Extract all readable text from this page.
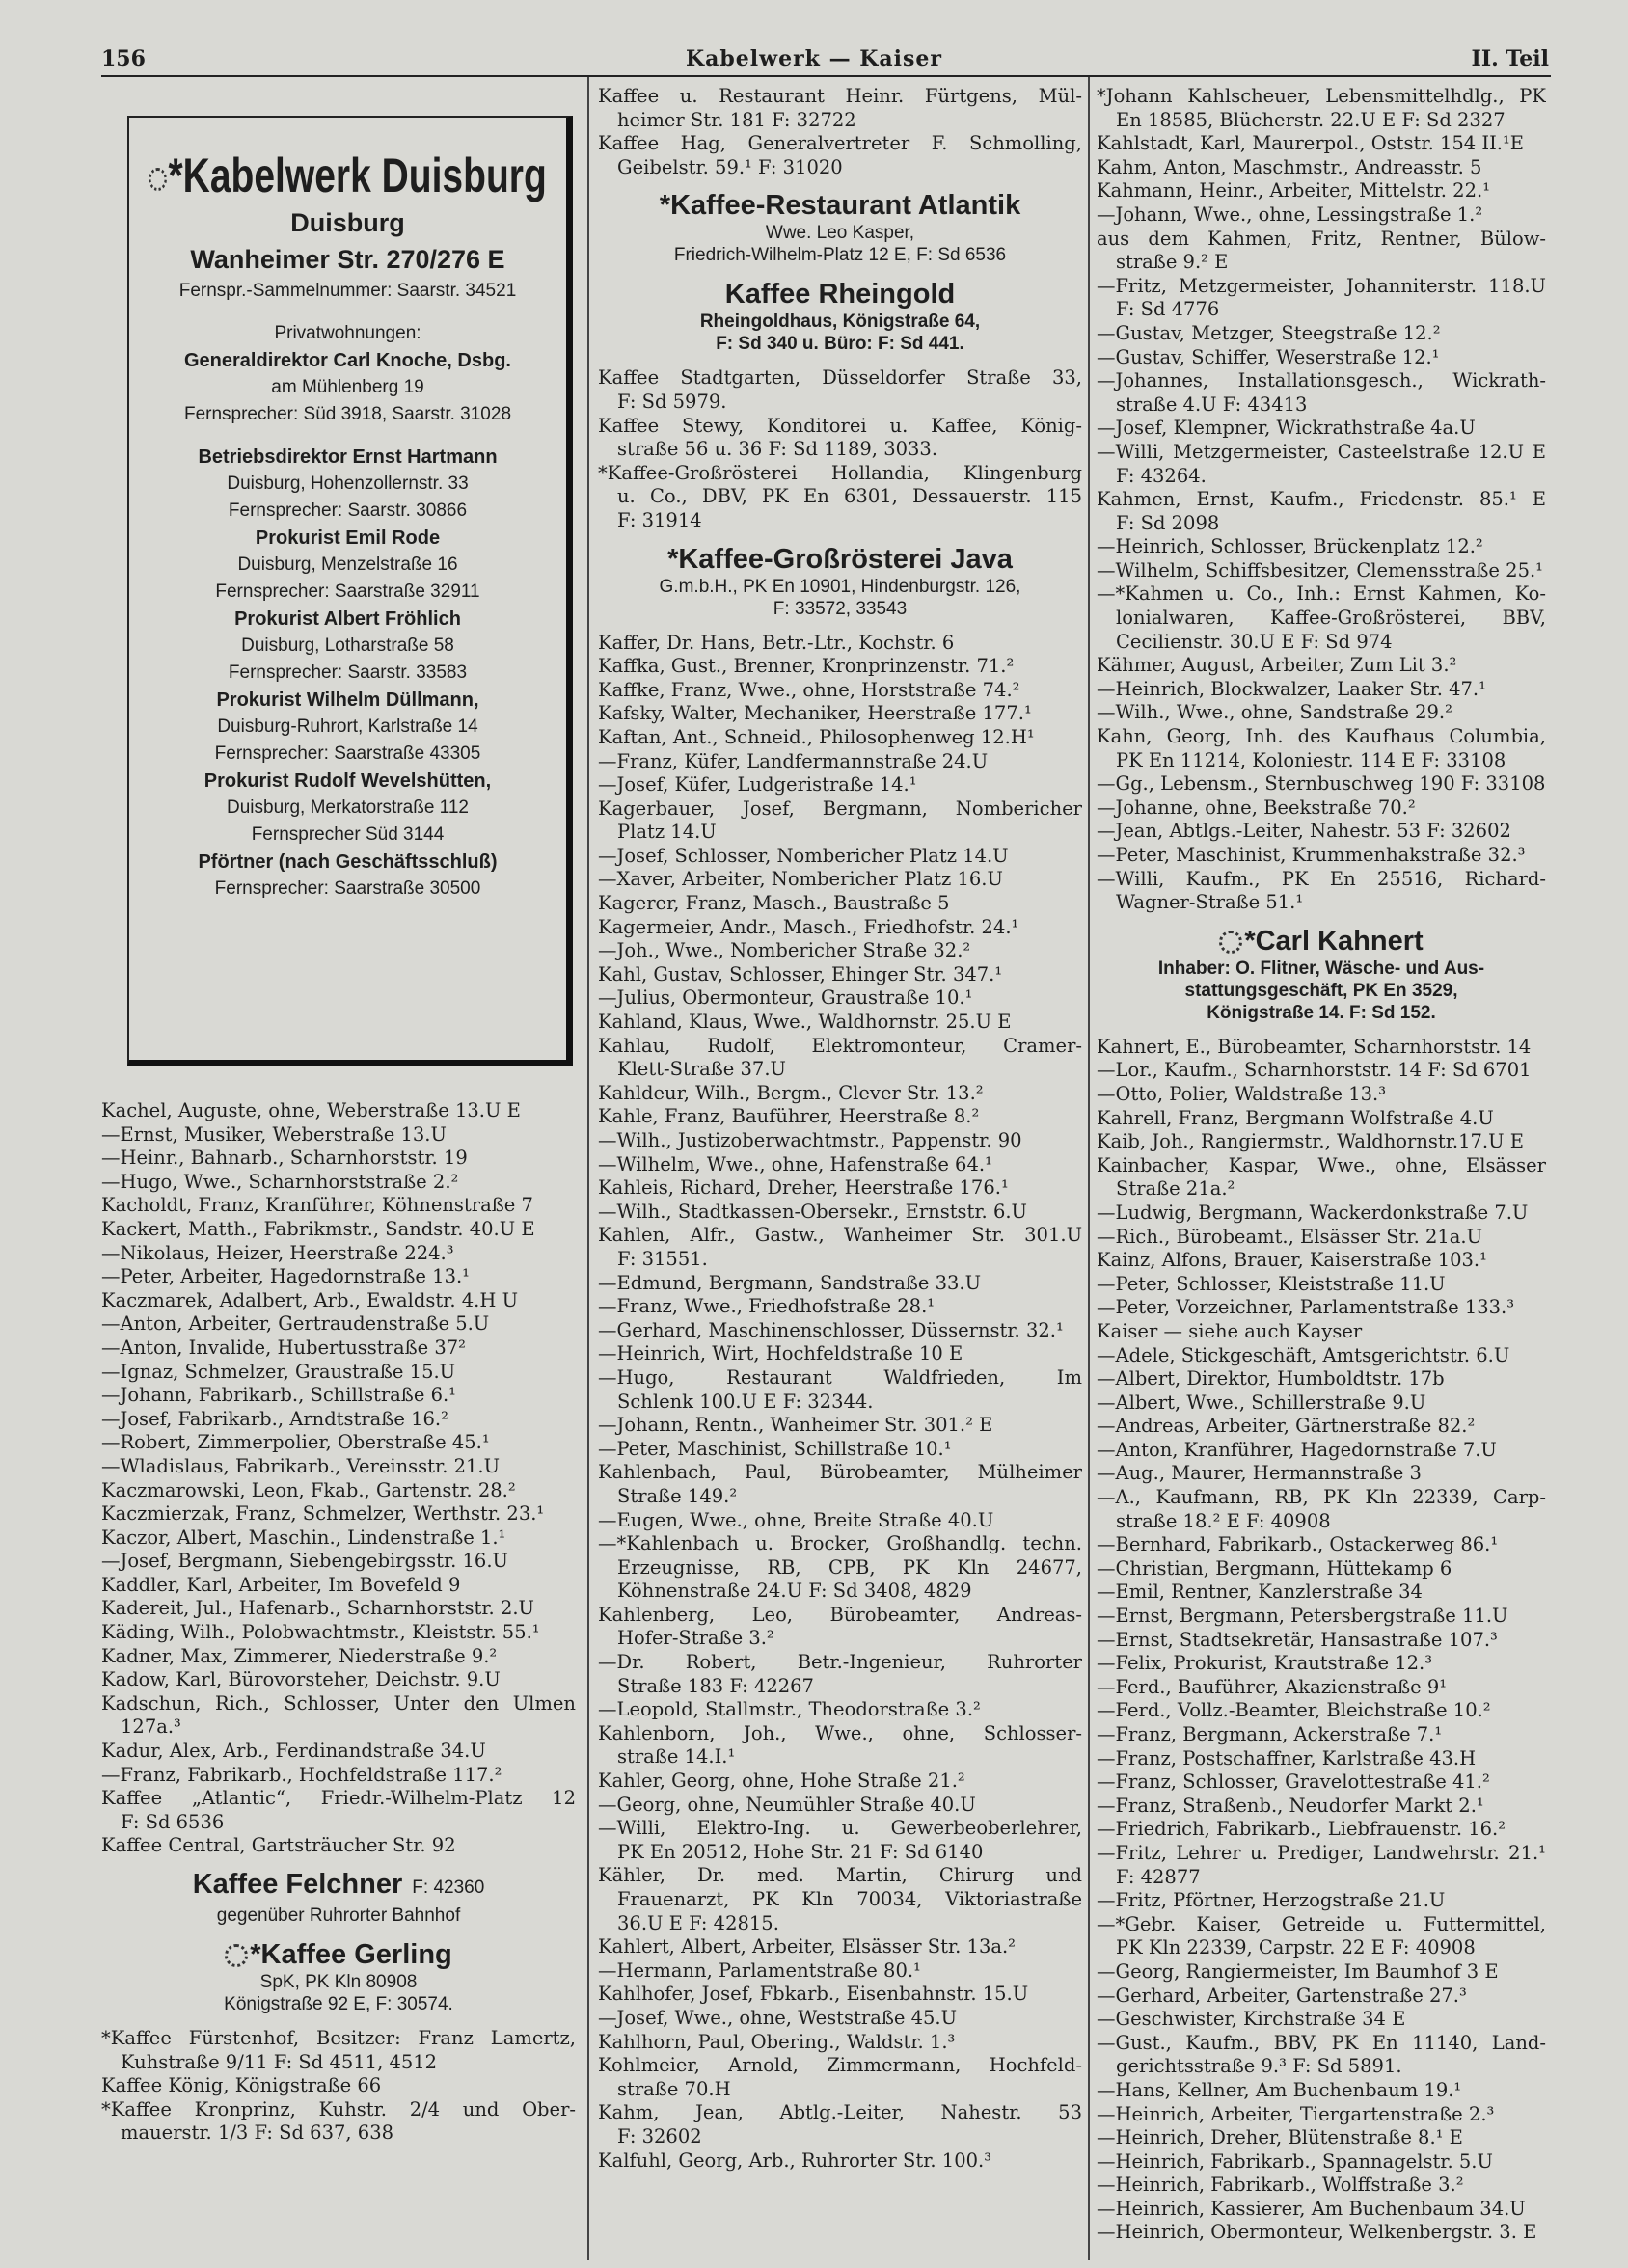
156	Kabelwerk — Kaiser	II. Teil
*Kabelwerk Duisburg
Duisburg
Wanheimer Str. 270/276 E
Fernspr.-Sammelnummer: Saarstr. 34521
Privatwohnungen:
Generaldirektor Carl Knoche, Dsbg.
am Mühlenberg 19
Fernsprecher: Süd 3918, Saarstr. 31028
Betriebsdirektor Ernst Hartmann
Duisburg, Hohenzollernstr. 33
Fernsprecher: Saarstr. 30866
Prokurist Emil Rode
Duisburg, Menzelstraße 16
Fernsprecher: Saarstraße 32911
Prokurist Albert Fröhlich
Duisburg, Lotharstraße 58
Fernsprecher: Saarstr. 33583
Prokurist Wilhelm Düllmann,
Duisburg-Ruhrort, Karlstraße 14
Fernsprecher: Saarstraße 43305
Prokurist Rudolf Wevelshütten,
Duisburg, Merkatorstraße 112
Fernsprecher Süd 3144
Pförtner (nach Geschäftsschluß)
Fernsprecher: Saarstraße 30500
Kachel, Auguste, ohne, Weberstraße 13.U E
—Ernst, Musiker, Weberstraße 13.U
—Heinr., Bahnarb., Scharnhorststr. 19
—Hugo, Wwe., Scharnhorststraße 2.²
Kacholdt, Franz, Kranführer, Köhnenstraße 7
Kackert, Matth., Fabrikmstr., Sandstr. 40.U E
—Nikolaus, Heizer, Heerstraße 224.³
—Peter, Arbeiter, Hagedornstraße 13.¹
Kaczmarek, Adalbert, Arb., Ewaldstr. 4.H U
—Anton, Arbeiter, Gertraudenstraße 5.U
—Anton, Invalide, Hubertusstraße 37²
—Ignaz, Schmelzer, Graustraße 15.U
—Johann, Fabrikarb., Schillstraße 6.¹
—Josef, Fabrikarb., Arndtstraße 16.²
—Robert, Zimmerpolier, Oberstraße 45.¹
—Wladislaus, Fabrikarb., Vereinsstr. 21.U
Kaczmarowski, Leon, Fkab., Gartenstr. 28.²
Kaczmierzak, Franz, Schmelzer, Werthstr. 23.¹
Kaczor, Albert, Maschin., Lindenstraße 1.¹
—Josef, Bergmann, Siebengebirgsstr. 16.U
Kaddler, Karl, Arbeiter, Im Bovefeld 9
Kadereit, Jul., Hafenarb., Scharnhorststr. 2.U
Käding, Wilh., Polobwachtmstr., Kleiststr. 55.¹
Kadner, Max, Zimmerer, Niederstraße 9.²
Kadow, Karl, Bürovorsteher, Deichstr. 9.U
Kadschun, Rich., Schlosser, Unter den Ulmen
127a.³
Kadur, Alex, Arb., Ferdinandstraße 34.U
—Franz, Fabrikarb., Hochfeldstraße 117.²
Kaffee „Atlantic“, Friedr.-Wilhelm-Platz 12
F: Sd 6536
Kaffee Central, Gartsträucher Str. 92
Kaffee Felchner F: 42360
gegenüber Ruhrorter Bahnhof
*Kaffee Gerling
SpK, PK Kln 80908
Königstraße 92 E, F: 30574.
*Kaffee Fürstenhof, Besitzer: Franz Lamertz,
Kuhstraße 9/11 F: Sd 4511, 4512
Kaffee König, Königstraße 66
*Kaffee Kronprinz, Kuhstr. 2/4 und Ober-
mauerstr. 1/3 F: Sd 637, 638
Kaffee u. Restaurant Heinr. Fürtgens, Mül-
heimer Str. 181 F: 32722
Kaffee Hag, Generalvertreter F. Schmolling,
Geibelstr. 59.¹ F: 31020
*Kaffee-Restaurant Atlantik
Wwe. Leo Kasper,
Friedrich-Wilhelm-Platz 12 E, F: Sd 6536
Kaffee Rheingold
Rheingoldhaus, Königstraße 64,
F: Sd 340 u. Büro: F: Sd 441.
Kaffee Stadtgarten, Düsseldorfer Straße 33,
F: Sd 5979.
Kaffee Stewy, Konditorei u. Kaffee, König-
straße 56 u. 36 F: Sd 1189, 3033.
*Kaffee-Großrösterei Hollandia, Klingenburg
u. Co., DBV, PK En 6301, Dessauerstr. 115
F: 31914
*Kaffee-Großrösterei Java
G.m.b.H., PK En 10901, Hindenburgstr. 126,
F: 33572, 33543
Kaffer, Dr. Hans, Betr.-Ltr., Kochstr. 6
Kaffka, Gust., Brenner, Kronprinzenstr. 71.²
Kaffke, Franz, Wwe., ohne, Horststraße 74.²
Kafsky, Walter, Mechaniker, Heerstraße 177.¹
Kaftan, Ant., Schneid., Philosophenweg 12.H¹
—Franz, Küfer, Landfermannstraße 24.U
—Josef, Küfer, Ludgeristraße 14.¹
Kagerbauer, Josef, Bergmann, Nombericher
Platz 14.U
—Josef, Schlosser, Nombericher Platz 14.U
—Xaver, Arbeiter, Nombericher Platz 16.U
Kagerer, Franz, Masch., Baustraße 5
Kagermeier, Andr., Masch., Friedhofstr. 24.¹
—Joh., Wwe., Nombericher Straße 32.²
Kahl, Gustav, Schlosser, Ehinger Str. 347.¹
—Julius, Obermonteur, Graustraße 10.¹
Kahland, Klaus, Wwe., Waldhornstr. 25.U E
Kahlau, Rudolf, Elektromonteur, Cramer-
Klett-Straße 37.U
Kahldeur, Wilh., Bergm., Clever Str. 13.²
Kahle, Franz, Bauführer, Heerstraße 8.²
—Wilh., Justizoberwachtmstr., Pappenstr. 90
—Wilhelm, Wwe., ohne, Hafenstraße 64.¹
Kahleis, Richard, Dreher, Heerstraße 176.¹
—Wilh., Stadtkassen-Obersekr., Ernststr. 6.U
Kahlen, Alfr., Gastw., Wanheimer Str. 301.U
F: 31551.
—Edmund, Bergmann, Sandstraße 33.U
—Franz, Wwe., Friedhofstraße 28.¹
—Gerhard, Maschinenschlosser, Düssernstr. 32.¹
—Heinrich, Wirt, Hochfeldstraße 10 E
—Hugo, Restaurant Waldfrieden, Im
Schlenk 100.U E F: 32344.
—Johann, Rentn., Wanheimer Str. 301.² E
—Peter, Maschinist, Schillstraße 10.¹
Kahlenbach, Paul, Bürobeamter, Mülheimer
Straße 149.²
—Eugen, Wwe., ohne, Breite Straße 40.U
—*Kahlenbach u. Brocker, Großhandlg. techn.
Erzeugnisse, RB, CPB, PK Kln 24677,
Köhnenstraße 24.U F: Sd 3408, 4829
Kahlenberg, Leo, Bürobeamter, Andreas-
Hofer-Straße 3.²
—Dr. Robert, Betr.-Ingenieur, Ruhrorter
Straße 183 F: 42267
—Leopold, Stallmstr., Theodorstraße 3.²
Kahlenborn, Joh., Wwe., ohne, Schlosser-
straße 14.I.¹
Kahler, Georg, ohne, Hohe Straße 21.²
—Georg, ohne, Neumühler Straße 40.U
—Willi, Elektro-Ing. u. Gewerbeoberlehrer,
PK En 20512, Hohe Str. 21 F: Sd 6140
Kähler, Dr. med. Martin, Chirurg und
Frauenarzt, PK Kln 70034, Viktoriastraße
36.U E F: 42815.
Kahlert, Albert, Arbeiter, Elsässer Str. 13a.²
—Hermann, Parlamentstraße 80.¹
Kahlhofer, Josef, Fbkarb., Eisenbahnstr. 15.U
—Josef, Wwe., ohne, Weststraße 45.U
Kahlhorn, Paul, Obering., Waldstr. 1.³
Kohlmeier, Arnold, Zimmermann, Hochfeld-
straße 70.H
Kahm, Jean, Abtlg.-Leiter, Nahestr. 53
F: 32602
Kalfuhl, Georg, Arb., Ruhrorter Str. 100.³
*Johann Kahlscheuer, Lebensmittelhdlg., PK
En 18585, Blücherstr. 22.U E F: Sd 2327
Kahlstadt, Karl, Maurerpol., Oststr. 154 II.¹E
Kahm, Anton, Maschmstr., Andreasstr. 5
Kahmann, Heinr., Arbeiter, Mittelstr. 22.¹
—Johann, Wwe., ohne, Lessingstraße 1.²
aus dem Kahmen, Fritz, Rentner, Bülow-
straße 9.² E
—Fritz, Metzgermeister, Johanniterstr. 118.U
F: Sd 4776
—Gustav, Metzger, Steegstraße 12.²
—Gustav, Schiffer, Weserstraße 12.¹
—Johannes, Installationsgesch., Wickrath-
straße 4.U F: 43413
—Josef, Klempner, Wickrathstraße 4a.U
—Willi, Metzgermeister, Casteelstraße 12.U E
F: 43264.
Kahmen, Ernst, Kaufm., Friedenstr. 85.¹ E
F: Sd 2098
—Heinrich, Schlosser, Brückenplatz 12.²
—Wilhelm, Schiffsbesitzer, Clemensstraße 25.¹
—*Kahmen u. Co., Inh.: Ernst Kahmen, Ko-
lonialwaren, Kaffee-Großrösterei, BBV,
Cecilienstr. 30.U E F: Sd 974
Kähmer, August, Arbeiter, Zum Lit 3.²
—Heinrich, Blockwalzer, Laaker Str. 47.¹
—Wilh., Wwe., ohne, Sandstraße 29.²
Kahn, Georg, Inh. des Kaufhaus Columbia,
PK En 11214, Koloniestr. 114 E F: 33108
—Gg., Lebensm., Sternbuschweg 190 F: 33108
—Johanne, ohne, Beekstraße 70.²
—Jean, Abtlgs.-Leiter, Nahestr. 53 F: 32602
—Peter, Maschinist, Krummenhakstraße 32.³
—Willi, Kaufm., PK En 25516, Richard-
Wagner-Straße 51.¹
*Carl Kahnert
Inhaber: O. Flitner, Wäsche- und Aus-
stattungsgeschäft, PK En 3529,
Königstraße 14. F: Sd 152.
Kahnert, E., Bürobeamter, Scharnhorststr. 14
—Lor., Kaufm., Scharnhorststr. 14 F: Sd 6701
—Otto, Polier, Waldstraße 13.³
Kahrell, Franz, Bergmann Wolfstraße 4.U
Kaib, Joh., Rangiermstr., Waldhornstr.17.U E
Kainbacher, Kaspar, Wwe., ohne, Elsässer
Straße 21a.²
—Ludwig, Bergmann, Wackerdonkstraße 7.U
—Rich., Bürobeamt., Elsässer Str. 21a.U
Kainz, Alfons, Brauer, Kaiserstraße 103.¹
—Peter, Schlosser, Kleiststraße 11.U
—Peter, Vorzeichner, Parlamentstraße 133.³
Kaiser — siehe auch Kayser
—Adele, Stickgeschäft, Amtsgerichtstr. 6.U
—Albert, Direktor, Humboldtstr. 17b
—Albert, Wwe., Schillerstraße 9.U
—Andreas, Arbeiter, Gärtnerstraße 82.²
—Anton, Kranführer, Hagedornstraße 7.U
—Aug., Maurer, Hermannstraße 3
—A., Kaufmann, RB, PK Kln 22339, Carp-
straße 18.² E F: 40908
—Bernhard, Fabrikarb., Ostackerweg 86.¹
—Christian, Bergmann, Hüttekamp 6
—Emil, Rentner, Kanzlerstraße 34
—Ernst, Bergmann, Petersbergstraße 11.U
—Ernst, Stadtsekretär, Hansastraße 107.³
—Felix, Prokurist, Krautstraße 12.³
—Ferd., Bauführer, Akazienstraße 9¹
—Ferd., Vollz.-Beamter, Bleichstraße 10.²
—Franz, Bergmann, Ackerstraße 7.¹
—Franz, Postschaffner, Karlstraße 43.H
—Franz, Schlosser, Gravelottestraße 41.²
—Franz, Straßenb., Neudorfer Markt 2.¹
—Friedrich, Fabrikarb., Liebfrauenstr. 16.²
—Fritz, Lehrer u. Prediger, Landwehrstr. 21.¹
F: 42877
—Fritz, Pförtner, Herzogstraße 21.U
—*Gebr. Kaiser, Getreide u. Futtermittel,
PK Kln 22339, Carpstr. 22 E F: 40908
—Georg, Rangiermeister, Im Baumhof 3 E
—Gerhard, Arbeiter, Gartenstraße 27.³
—Geschwister, Kirchstraße 34 E
—Gust., Kaufm., BBV, PK En 11140, Land-
gerichtsstraße 9.³ F: Sd 5891.
—Hans, Kellner, Am Buchenbaum 19.¹
—Heinrich, Arbeiter, Tiergartenstraße 2.³
—Heinrich, Dreher, Blütenstraße 8.¹ E
—Heinrich, Fabrikarb., Spannagelstr. 5.U
—Heinrich, Fabrikarb., Wolffstraße 3.²
—Heinrich, Kassierer, Am Buchenbaum 34.U
—Heinrich, Obermonteur, Welkenbergstr. 3. E
